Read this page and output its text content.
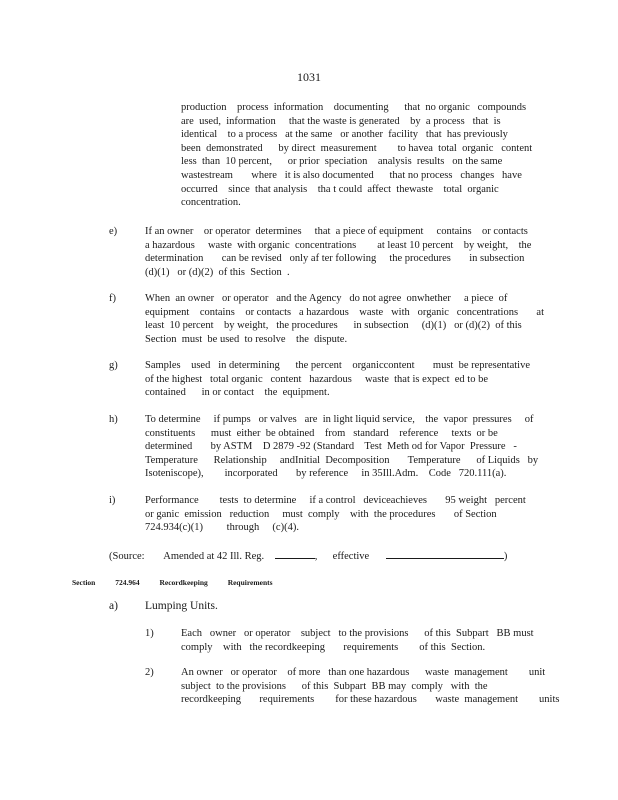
1031
production    process  information    documenting      that  no organic   compounds
are  used,  information     that the waste is generated    by  a process   that  is
identical    to a process   at the same   or another  facility   that  has previously
been  demonstrated      by direct  measurement        to havea  total  organic   content
less  than  10 percent,      or prior  speciation    analysis  results   on the same
wastestream       where   it is also documented      that no process   changes   have
occurred    since  that analysis    tha t could  affect  thewaste    total  organic
concentration.
e)	If an owner    or operator  determines     that  a piece of equipment     contains    or contacts
a hazardous     waste  with organic  concentrations        at least 10 percent    by weight,    the
determination       can be revised   only af ter following     the procedures       in subsection
(d)(1)   or (d)(2)  of this  Section  .
f)	When  an owner   or operator   and the Agency   do not agree  onwhether     a piece  of
equipment    contains    or contacts   a hazardous    waste   with   organic   concentrations       at
least  10 percent    by weight,   the procedures      in subsection     (d)(1)   or (d)(2)  of this
Section  must  be used  to resolve    the  dispute.
g)	Samples    used   in determining      the percent    organiccontent       must  be representative
of the highest   total organic   content   hazardous     waste  that is expect  ed to be
contained      in or contact    the  equipment.
h)	To determine     if pumps   or valves   are  in light liquid service,    the  vapor  pressures     of
constituents      must  either  be obtained    from   standard    reference     texts  or be
determined       by ASTM    D 2879 -92 (Standard    Test  Meth od for Vapor  Pressure   -
Temperature      Relationship     andInitial  Decomposition       Temperature      of Liquids   by
Isoteniscope),        incorporated       by reference     in 35Ill.Adm.    Code   720.111(a).
i)	Performance        tests  to determine     if a control   deviceachieves       95 weight   percent
or ganic  emission   reduction     must  comply    with  the procedures       of Section
724.934(c)(1)         through     (c)(4).
(Source: Amended at 42 Ill. Reg.	, effective	)
Section	724.964	Recordkeeping	Requirements
a) Lumping Units.
1)	Each   owner   or operator    subject   to the provisions      of this  Subpart   BB must
comply    with   the recordkeeping       requirements        of this  Section.
2)	An owner   or operator    of more   than one hazardous      waste  management        unit
subject  to the provisions      of this  Subpart  BB may  comply   with  the
recordkeeping       requirements        for these hazardous       waste  management        units
